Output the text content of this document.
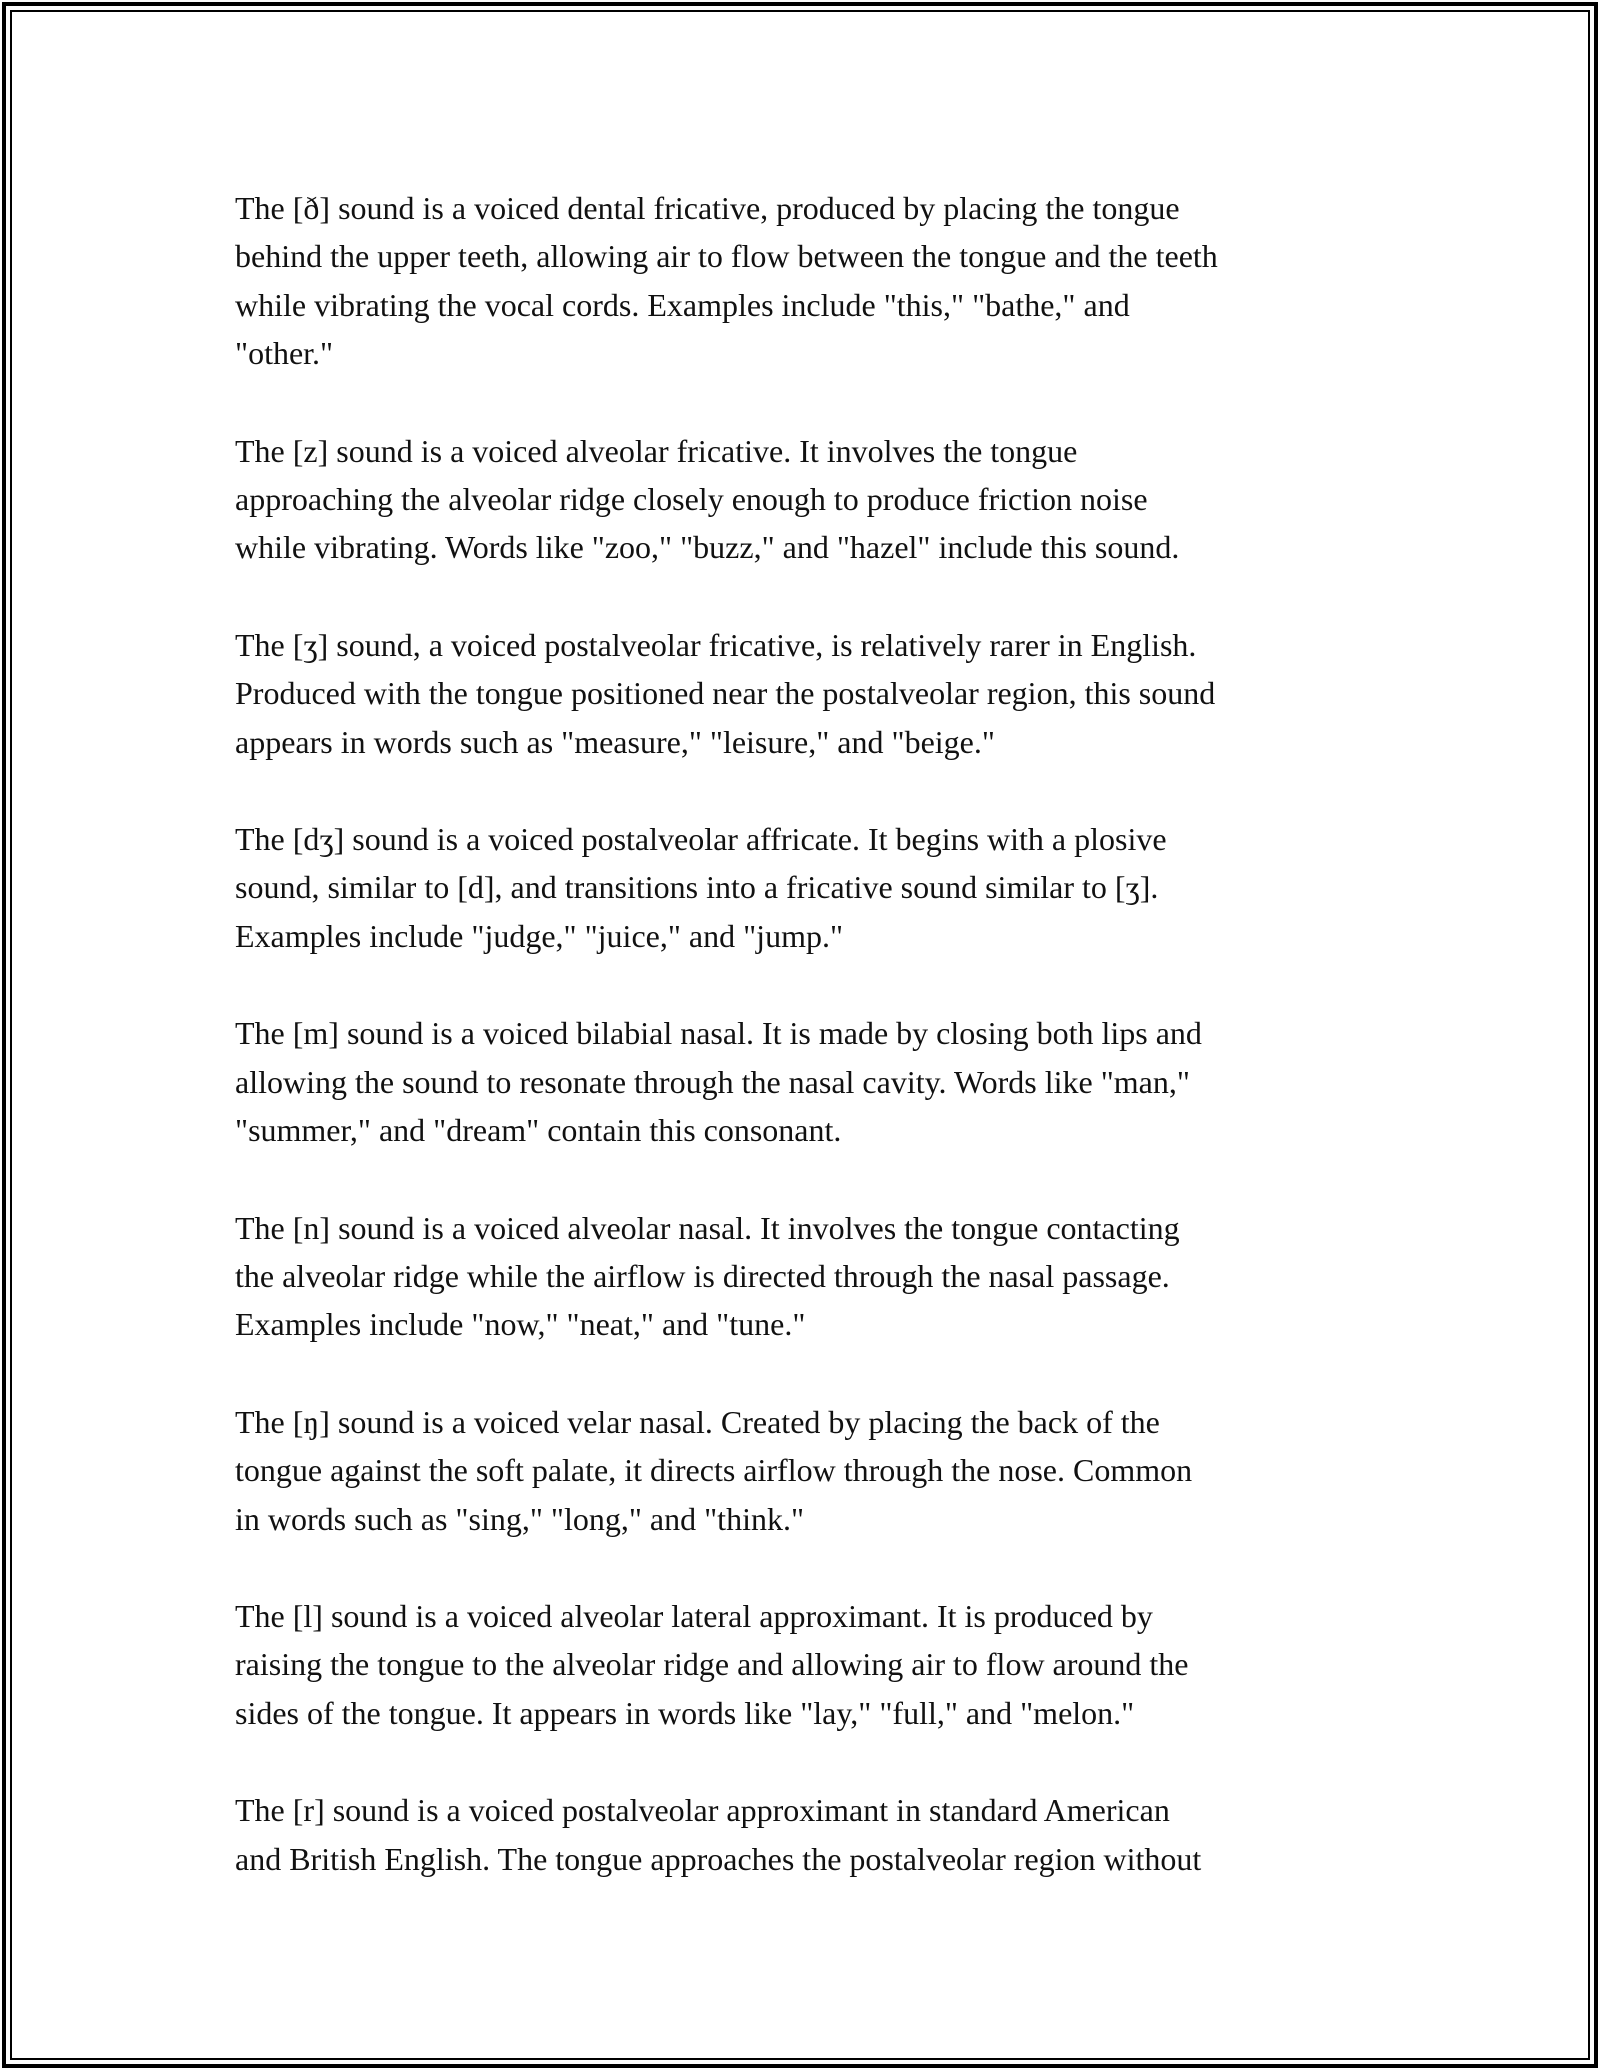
The [ð] sound is a voiced dental fricative, produced by placing the tongue
behind the upper teeth, allowing air to flow between the tongue and the teeth
while vibrating the vocal cords. Examples include "this," "bathe," and
"other."

The [z] sound is a voiced alveolar fricative. It involves the tongue
approaching the alveolar ridge closely enough to produce friction noise
while vibrating. Words like "zoo," "buzz," and "hazel" include this sound.

The [ʒ] sound, a voiced postalveolar fricative, is relatively rarer in English.
Produced with the tongue positioned near the postalveolar region, this sound
appears in words such as "measure," "leisure," and "beige."

The [dʒ] sound is a voiced postalveolar affricate. It begins with a plosive
sound, similar to [d], and transitions into a fricative sound similar to [ʒ].
Examples include "judge," "juice," and "jump."

The [m] sound is a voiced bilabial nasal. It is made by closing both lips and
allowing the sound to resonate through the nasal cavity. Words like "man,"
"summer," and "dream" contain this consonant.

The [n] sound is a voiced alveolar nasal. It involves the tongue contacting
the alveolar ridge while the airflow is directed through the nasal passage.
Examples include "now," "neat," and "tune."

The [ŋ] sound is a voiced velar nasal. Created by placing the back of the
tongue against the soft palate, it directs airflow through the nose. Common
in words such as "sing," "long," and "think."

The [l] sound is a voiced alveolar lateral approximant. It is produced by
raising the tongue to the alveolar ridge and allowing air to flow around the
sides of the tongue. It appears in words like "lay," "full," and "melon."

The [r] sound is a voiced postalveolar approximant in standard American
and British English. The tongue approaches the postalveolar region without
